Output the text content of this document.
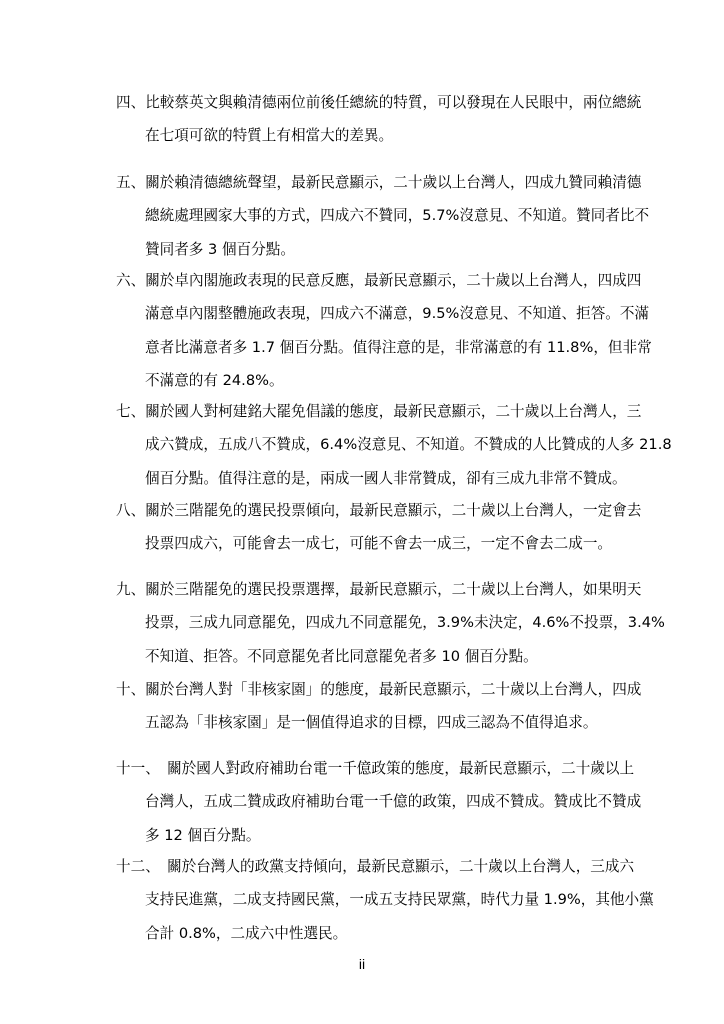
四、比較蔡英文與賴清德兩位前後任總統的特質，可以發現在人民眼中，兩位總統
在七項可欲的特質上有相當大的差異。
五、關於賴清德總統聲望，最新民意顯示，二十歲以上台灣人，四成九贊同賴清德
總統處理國家大事的方式，四成六不贊同，5.7%沒意見、不知道。贊同者比不
贊同者多 3 個百分點。
六、關於卓內閣施政表現的民意反應，最新民意顯示，二十歲以上台灣人，四成四
滿意卓內閣整體施政表現，四成六不滿意，9.5%沒意見、不知道、拒答。不滿
意者比滿意者多 1.7 個百分點。值得注意的是，非常滿意的有 11.8%，但非常
不滿意的有 24.8%。
七、關於國人對柯建銘大罷免倡議的態度，最新民意顯示，二十歲以上台灣人，三
成六贊成，五成八不贊成，6.4%沒意見、不知道。不贊成的人比贊成的人多 21.8
個百分點。值得注意的是，兩成一國人非常贊成，卻有三成九非常不贊成。
八、關於三階罷免的選民投票傾向，最新民意顯示，二十歲以上台灣人，一定會去
投票四成六，可能會去一成七，可能不會去一成三，一定不會去二成一。
九、關於三階罷免的選民投票選擇，最新民意顯示，二十歲以上台灣人，如果明天
投票，三成九同意罷免，四成九不同意罷免，3.9%未決定，4.6%不投票，3.4%
不知道、拒答。不同意罷免者比同意罷免者多 10 個百分點。
十、關於台灣人對「非核家園」的態度，最新民意顯示，二十歲以上台灣人，四成
五認為「非核家園」是一個值得追求的目標，四成三認為不值得追求。
十一、　關於國人對政府補助台電一千億政策的態度，最新民意顯示，二十歲以上
台灣人，五成二贊成政府補助台電一千億的政策，四成不贊成。贊成比不贊成
多 12 個百分點。
十二、　關於台灣人的政黨支持傾向，最新民意顯示，二十歲以上台灣人，三成六
支持民進黨，二成支持國民黨，一成五支持民眾黨，時代力量 1.9%，其他小黨
合計 0.8%，二成六中性選民。
ii
